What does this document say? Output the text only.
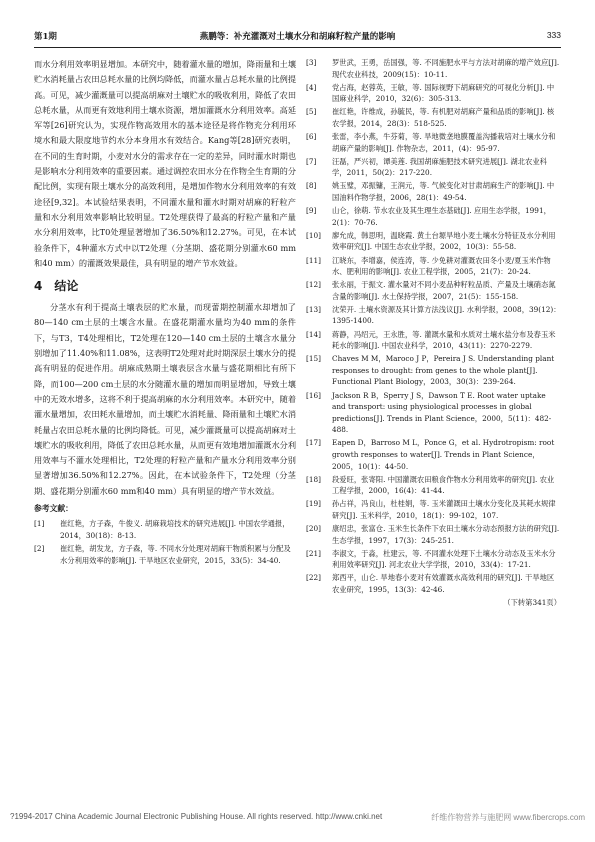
第1期	燕鹏等：补充灌溉对土壤水分和胡麻籽粒产量的影响	333

而水分利用效率明显增加。本研究中，随着灌水量的增加，降雨量和土壤贮水消耗量占农田总耗水量的比例均降低，而灌水量占总耗水量的比例提高。可见，减少灌溉量可以提高胡麻对土壤贮水的吸收利用，降低了农田总耗水量，从而更有效地利用土壤水资源，增加灌溉水分利用效率。高延军等[26]研究认为，实现作物高效用水的基本途径是将作物充分利用环境水和最大限度地节约水分本身用水有效结合。Kang等[28]研究表明，在不同的生育时期，小麦对水分的需求存在一定的差异，同时灌水时期也是影响水分利用效率的重要因素。通过调控农田水分在作物全生育期的分配比例，实现有限土壤水分的高效利用，是增加作物水分利用效率的有效途径[9,32]。本试验结果表明，不同灌水量和灌水时期对胡麻的籽粒产量和水分利用效率影响比较明显。T2处理获得了最高的籽粒产量和产量水分利用效率，比T0处理显著增加了36.50%和12.27%。可见，在本试验条件下，4种灌水方式中以T2处理（分茎期、盛花期分别灌水60 mm和40 mm）的灌溉效果最佳，具有明显的增产节水效益。

4 结论

分茎水有利于提高土壤表层的贮水量，而现蕾期控制灌水却增加了80—140 cm土层的土壤含水量。在盛花期灌水量均为40 mm的条件下，与T3，T4处理相比，T2处理在120—140 cm土层的土壤含水量分别增加了11.40%和11.08%，这表明T2处理对此时期深层土壤水分的提高有明显的促进作用。胡麻成熟期土壤表层含水量与盛花期相比有所下降，而100—200 cm土层的水分随灌水量的增加而明显增加，导致土壤中的无效水增多，这将不利于提高胡麻的水分利用效率。本研究中，随着灌水量增加，农田耗水量增加，而土壤贮水消耗量、降雨量和土壤贮水消耗量占农田总耗水量的比例均降低。可见，减少灌溉量可以提高胡麻对土壤贮水的吸收利用，降低了农田总耗水量，从而更有效地增加灌溉水分利用效率与不灌水处理相比，T2处理的籽粒产量和产量水分利用效率分别显著增加36.50%和12.27%。因此，在本试验条件下，T2处理（分茎期、盛花期分别灌水60 mm和40 mm）具有明显的增产节水效益。

参考文献：
[1]	崔红艳，方子森，牛俊义. 胡麻栽培技术的研究进展[J]. 中国农学通报，2014，30(18)：8-13.
[2]	崔红艳，胡发龙，方子森，等. 不同水分处理对胡麻干物质积累与分配及水分利用效率的影响[J]. 干旱地区农业研究，2015，33(5)：34-40.
[3]	罗世武，王勇，岳国强，等. 不同施肥水平与方法对胡麻的增产效应[J]. 现代农业科技，2009(15)：10-11.
[4]	党占海，赵蓉英，王敏，等. 国际视野下胡麻研究的可视化分析[J]. 中国麻业科学，2010，32(6)：305-313.
[5]	崔红艳，许维成，孙毓民，等. 有机肥对胡麻产量和品质的影响[J]. 核农学报，2014，28(3)：518-525.
[6]	张雷，李小燕，牛芬菊，等. 旱地微垄地膜覆盖沟播栽培对土壤水分和胡麻产量的影响[J]. 作物杂志，2011，(4)：95-97.
[7]	汪磊，严兴初，谭美莲. 我国胡麻施肥技术研究进展[J]. 湖北农业科学，2011，50(2)：217-220.
[8]	姚玉璧，邓振镛，王润元，等. 气候变化对甘肃胡麻生产的影响[J]. 中国油料作物学报，2006，28(1)：49-54.
[9]	山仑，徐萌. 节水农业及其生理生态基础[J]. 应用生态学报，1991，2(1)：70-76.
[10]	廖允成，韩思明，温晓霞. 黄土台塬旱地小麦土壤水分特征及水分利用效率研究[J]. 中国生态农业学报，2002，10(3)：55-58.
[11]	江晓东，李增嘉，侯连涛，等. 少免耕对灌溉农田冬小麦/夏玉米作物水、肥利用的影响[J]. 农业工程学报，2005，21(7)：20-24.
[12]	张永丽，于振文. 灌水量对不同小麦品种籽粒品质、产量及土壤硝态氮含量的影响[J]. 水土保持学报，2007，21(5)：155-158.
[13]	沈荣开. 土壤水资源及其计算方法浅议[J]. 水利学报，2008，39(12)：1395-1400.
[14]	蒋静，冯绍元，王永胜，等. 灌溉水量和水质对土壤水盐分布及春玉米耗水的影响[J]. 中国农业科学，2010，43(11)：2270-2279.
[15]	Chaves M M，Maroco J P，Pereira J S. Understanding plant responses to drought: from genes to the whole plant[J]. Functional Plant Biology，2003，30(3)：239-264.
[16]	Jackson R B，Sperry J S，Dawson T E. Root water uptake and transport: using physiological processes in global predictions[J]. Trends in Plant Science，2000，5(11)：482-488.
[17]	Eapen D，Barroso M L，Ponce G，et al. Hydrotropism: root growth responses to water[J]. Trends in Plant Science，2005，10(1)：44-50.
[18]	段爱旺，张寄阳. 中国灌溉农田粮食作物水分利用效率的研究[J]. 农业工程学报，2000，16(4)：41-44.
[19]	孙占祥，冯良山，杜桂娟，等. 玉米灌溉田土壤水分变化及其耗水规律研究[J]. 玉米科学，2010，18(1)：99-102，107.
[20]	康绍忠，张富仓. 玉米生长条件下农田土壤水分动态预报方法的研究[J]. 生态学报，1997，17(3)：245-251.
[21]	李淑文，于淼，杜建云，等. 不同灌水处理下土壤水分动态及玉米水分利用效率研究[J]. 河北农业大学学报，2010，33(4)：17-21.
[22]	郑西平，山仑. 旱地春小麦对有效灌溉水高效利用的研究[J]. 干旱地区农业研究，1995，13(3)：42-46.
（下转第341页）
?1994-2017 China Academic Journal Electronic Publishing House. All rights reserved. http://www.cnki.net	纤维作物营养与施肥网 www.fibercrops.com
